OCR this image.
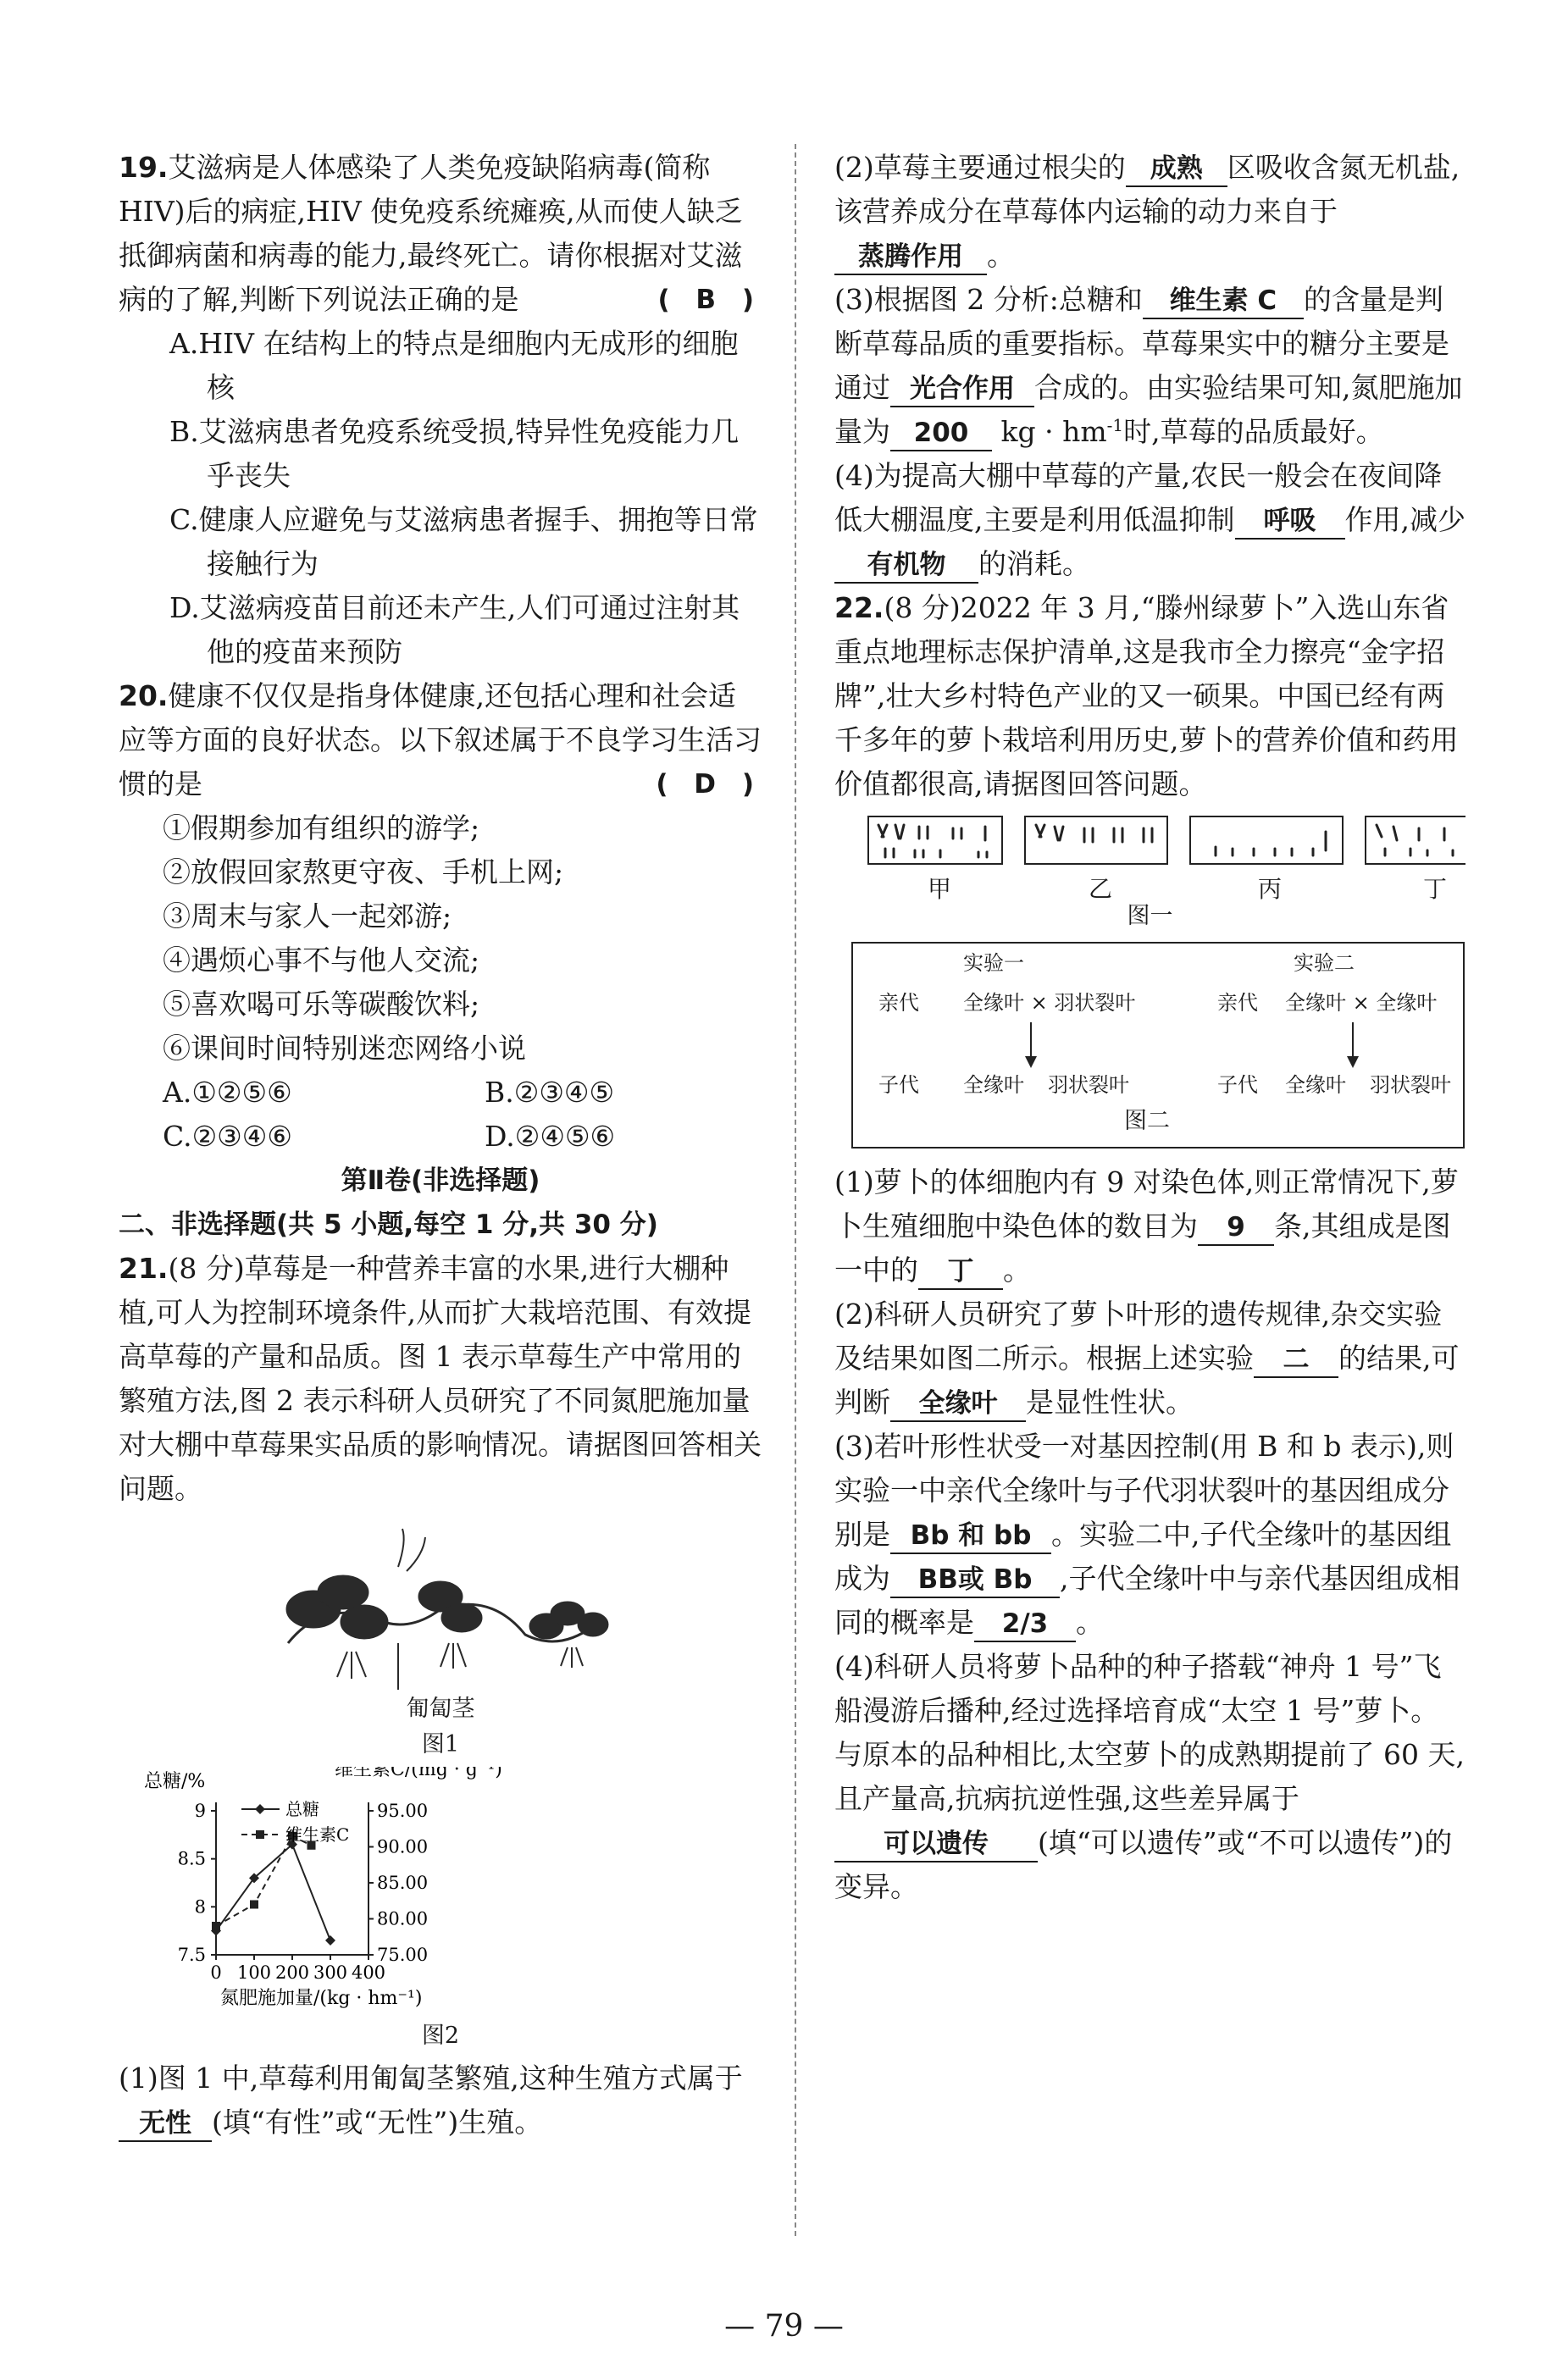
19.艾滋病是人体感染了人类免疫缺陷病毒(简称 HIV)后的病症,HIV 使免疫系统瘫痪,从而使人缺乏抵御病菌和病毒的能力,最终死亡。请你根据对艾滋病的了解,判断下列说法正确的是	( B )

A.HIV 在结构上的特点是细胞内无成形的细胞核

B.艾滋病患者免疫系统受损,特异性免疫能力几乎丧失

C.健康人应避免与艾滋病患者握手、拥抱等日常接触行为

D.艾滋病疫苗目前还未产生,人们可通过注射其他的疫苗来预防

20.健康不仅仅是指身体健康,还包括心理和社会适应等方面的良好状态。以下叙述属于不良学习生活习惯的是	( D )

①假期参加有组织的游学;

②放假回家熬更守夜、手机上网;

③周末与家人一起郊游;

④遇烦心事不与他人交流;

⑤喜欢喝可乐等碳酸饮料;

⑥课间时间特别迷恋网络小说

A.①②⑤⑥	B.②③④⑤
C.②③④⑥	D.②④⑤⑥

第Ⅱ卷(非选择题)

二、非选择题(共 5 小题,每空 1 分,共 30 分)

21.(8 分)草莓是一种营养丰富的水果,进行大棚种植,可人为控制环境条件,从而扩大栽培范围、有效提高草莓的产量和品质。图 1 表示草莓生产中常用的繁殖方法,图 2 表示科研人员研究了不同氮肥施加量对大棚中草莓果实品质的影响情况。请据图回答相关问题。

匍匐茎

图1

总糖/%
维生素C/(mg · g⁻¹)
氮肥施加量/(kg · hm⁻¹)
7.5
8
8.5
9
75.00
80.00
85.00
90.00
95.00
0 100 200 300 400
总糖
维生素C

图2

(1)图 1 中,草莓利用匍匐茎繁殖,这种生殖方式属于无性 (填“有性”或“无性”)生殖。

(2)草莓主要通过根尖的 成熟 区吸收含氮无机盐,该营养成分在草莓体内运输的动力来自于蒸腾作用 。

(3)根据图 2 分析:总糖和 维生素 C 的含量是判断草莓品质的重要指标。草莓果实中的糖分主要是通过 光合作用 合成的。由实验结果可知,氮肥施加量为 200 kg · $hm^{-1}$时,草莓的品质最好。

(4)为提高大棚中草莓的产量,农民一般会在夜间降低大棚温度,主要是利用低温抑制 呼吸 作用,减少有机物 的消耗。

22.(8 分)2022 年 3 月,“滕州绿萝卜”入选山东省重点地理标志保护清单,这是我市全力擦亮“金字招牌”,壮大乡村特色产业的又一硕果。中国已经有两千多年的萝卜栽培利用历史,萝卜的营养价值和药用价值都很高,请据图回答问题。

甲	乙	丙	丁

图一

实验一	实验二
亲代 全缘叶 × 羽状裂叶	亲代 全缘叶 × 全缘叶
子代 全缘叶 羽状裂叶	子代 全缘叶 羽状裂叶
图二

(1)萝卜的体细胞内有 9 对染色体,则正常情况下,萝卜生殖细胞中染色体的数目为 9 条,其组成是图一中的 丁 。

(2)科研人员研究了萝卜叶形的遗传规律,杂交实验及结果如图二所示。根据上述实验 二 的结果,可判断 全缘叶 是显性性状。

(3)若叶形性状受一对基因控制(用 B 和 b 表示),则实验一中亲代全缘叶与子代羽状裂叶的基因组成分别是 Bb 和 bb 。实验二中,子代全缘叶的基因组成为 BB或 Bb ,子代全缘叶中与亲代基因组成相同的概率是 2/3 。

(4)科研人员将萝卜品种的种子搭载“神舟 1 号”飞船漫游后播种,经过选择培育成“太空 1 号”萝卜。与原本的品种相比,太空萝卜的成熟期提前了 60 天,且产量高,抗病抗逆性强,这些差异属于可以遗传 (填“可以遗传”或“不可以遗传”)的变异。

— 79 —
